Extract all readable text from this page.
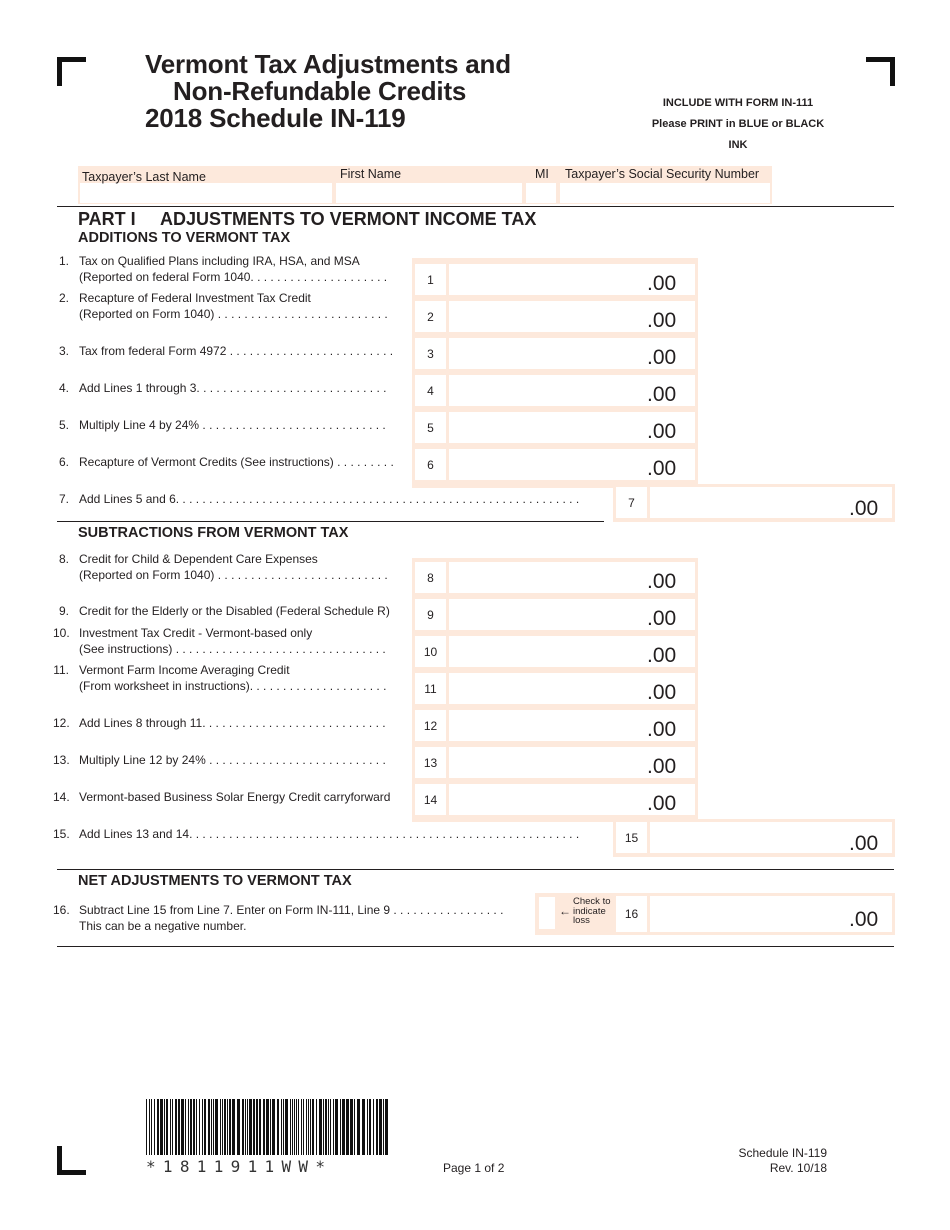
Vermont Tax Adjustments and
Non-Refundable Credits
2018 Schedule IN-119	INCLUDE WITH FORM IN-111
Please PRINT in BLUE or BLACK INK
Taxpayer’s Last Name	First Name	MI Taxpayer’s Social Security Number
PART I     ADJUSTMENTS TO VERMONT INCOME TAX
ADDITIONS TO VERMONT TAX
1. Tax on Qualified Plans including IRA, HSA, and MSA
(Reported on federal Form 1040. . . . . . . . . . . . . . . . . . . . .	1	.00
2. Recapture of Federal Investment Tax Credit
(Reported on Form 1040) . . . . . . . . . . . . . . . . . . . . . . . . . .	2	.00
3. Tax from federal Form 4972 . . . . . . . . . . . . . . . . . . . . . . . . .	3	.00
4. Add Lines 1 through 3. . . . . . . . . . . . . . . . . . . . . . . . . . . . .	4	.00
5. Multiply Line 4 by 24% . . . . . . . . . . . . . . . . . . . . . . . . . . . .	5	.00
6. Recapture of Vermont Credits (See instructions) . . . . . . . . .	6	.00
7. Add Lines 5 and 6. . . . . . . . . . . . . . . . . . . . . . . . . . . . . . . . . . . . . . . . . . . . . . . . . . . . . . . . . . . . .	7	.00
SUBTRACTIONS FROM VERMONT TAX
8. Credit for Child & Dependent Care Expenses
(Reported on Form 1040) . . . . . . . . . . . . . . . . . . . . . . . . . .	8	.00
9. Credit for the Elderly or the Disabled (Federal Schedule R)	9	.00
10. Investment Tax Credit - Vermont-based only
(See instructions) . . . . . . . . . . . . . . . . . . . . . . . . . . . . . . . .	10	.00
11. Vermont Farm Income Averaging Credit
(From worksheet in instructions). . . . . . . . . . . . . . . . . . . . .	11	.00
12. Add Lines 8 through 11. . . . . . . . . . . . . . . . . . . . . . . . . . . .	12	.00
13. Multiply Line 12 by 24% . . . . . . . . . . . . . . . . . . . . . . . . . . .	13	.00
14. Vermont-based Business Solar Energy Credit carryforward	14	.00
15. Add Lines 13 and 14. . . . . . . . . . . . . . . . . . . . . . . . . . . . . . . . . . . . . . . . . . . . . . . . . . . . . . . . . . .	15	.00
NET ADJUSTMENTS TO VERMONT TAX
16. Subtract Line 15 from Line 7. Enter on Form IN-111, Line 9 . . . . . . . . . . . . . . . . .
This can be a negative number.
←
Check to
indicate
loss	16	.00
*1811911WW*	Page 1 of 2
Schedule IN-119
Rev. 10/18
